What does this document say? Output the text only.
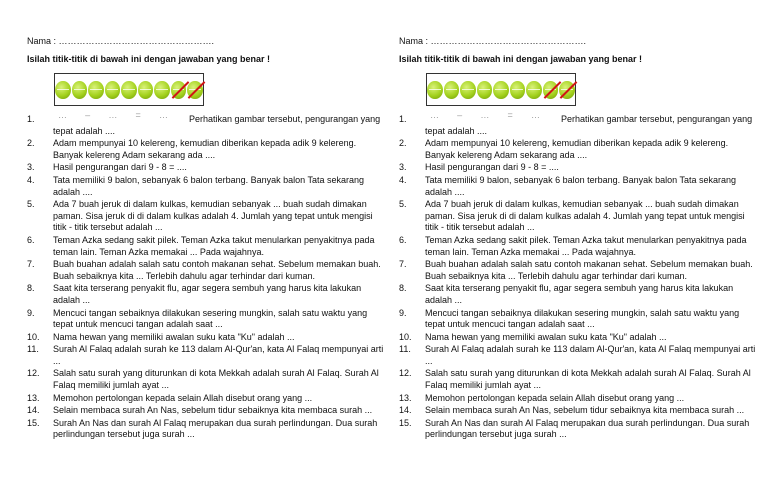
Nama : …………………………………………….
Isilah titik-titik di bawah ini dengan jawaban yang benar !
… – … = …
1.	Perhatikan gambar tersebut, pengurangan yang tepat adalah ....
2.	Adam mempunyai 10 kelereng, kemudian diberikan kepada adik 9 kelereng. Banyak kelereng Adam sekarang ada ....
3.	Hasil pengurangan dari 9 - 8 = ....
4.	Tata memiliki 9 balon, sebanyak 6 balon terbang. Banyak balon Tata sekarang adalah ....
5.	Ada 7 buah jeruk di dalam kulkas, kemudian sebanyak ... buah sudah dimakan paman. Sisa jeruk di di dalam kulkas adalah 4. Jumlah yang tepat untuk mengisi titik - titik tersebut adalah ...
6.	Teman Azka sedang sakit pilek. Teman Azka takut menularkan penyakitnya pada teman lain. Teman Azka memakai ... Pada wajahnya.
7.	Buah buahan adalah salah satu contoh makanan sehat. Sebelum memakan buah. Buah sebaiknya kita ... Terlebih dahulu agar terhindar dari kuman.
8.	Saat kita terserang penyakit flu, agar segera sembuh yang harus kita lakukan adalah ...
9.	Mencuci tangan sebaiknya dilakukan sesering mungkin, salah satu waktu yang tepat untuk mencuci tangan adalah saat ...
10.	Nama hewan yang memiliki awalan suku kata "Ku" adalah ...
11.	Surah Al Falaq adalah surah ke 113 dalam Al-Qur'an, kata Al Falaq mempunyai arti ...
12.	Salah satu surah yang diturunkan di kota Mekkah adalah surah Al Falaq. Surah Al Falaq memiliki jumlah ayat ...
13.	Memohon pertolongan kepada selain Allah disebut orang yang ...
14.	Selain membaca surah An Nas, sebelum tidur sebaiknya kita membaca surah ...
15.	Surah An Nas dan surah Al Falaq merupakan dua surah perlindungan. Dua surah perlindungan tersebut juga surah ...
Nama : …………………………………………….
Isilah titik-titik di bawah ini dengan jawaban yang benar !
… – … = …
1.	Perhatikan gambar tersebut, pengurangan yang tepat adalah ....
2.	Adam mempunyai 10 kelereng, kemudian diberikan kepada adik 9 kelereng. Banyak kelereng Adam sekarang ada ....
3.	Hasil pengurangan dari 9 - 8 = ....
4.	Tata memiliki 9 balon, sebanyak 6 balon terbang. Banyak balon Tata sekarang adalah ....
5.	Ada 7 buah jeruk di dalam kulkas, kemudian sebanyak ... buah sudah dimakan paman. Sisa jeruk di di dalam kulkas adalah 4. Jumlah yang tepat untuk mengisi titik - titik tersebut adalah ...
6.	Teman Azka sedang sakit pilek. Teman Azka takut menularkan penyakitnya pada teman lain. Teman Azka memakai ... Pada wajahnya.
7.	Buah buahan adalah salah satu contoh makanan sehat. Sebelum memakan buah. Buah sebaiknya kita ... Terlebih dahulu agar terhindar dari kuman.
8.	Saat kita terserang penyakit flu, agar segera sembuh yang harus kita lakukan adalah ...
9.	Mencuci tangan sebaiknya dilakukan sesering mungkin, salah satu waktu yang tepat untuk mencuci tangan adalah saat ...
10.	Nama hewan yang memiliki awalan suku kata "Ku" adalah ...
11.	Surah Al Falaq adalah surah ke 113 dalam Al-Qur'an, kata Al Falaq mempunyai arti ...
12.	Salah satu surah yang diturunkan di kota Mekkah adalah surah Al Falaq. Surah Al Falaq memiliki jumlah ayat ...
13.	Memohon pertolongan kepada selain Allah disebut orang yang ...
14.	Selain membaca surah An Nas, sebelum tidur sebaiknya kita membaca surah ...
15.	Surah An Nas dan surah Al Falaq merupakan dua surah perlindungan. Dua surah perlindungan tersebut juga surah ...
